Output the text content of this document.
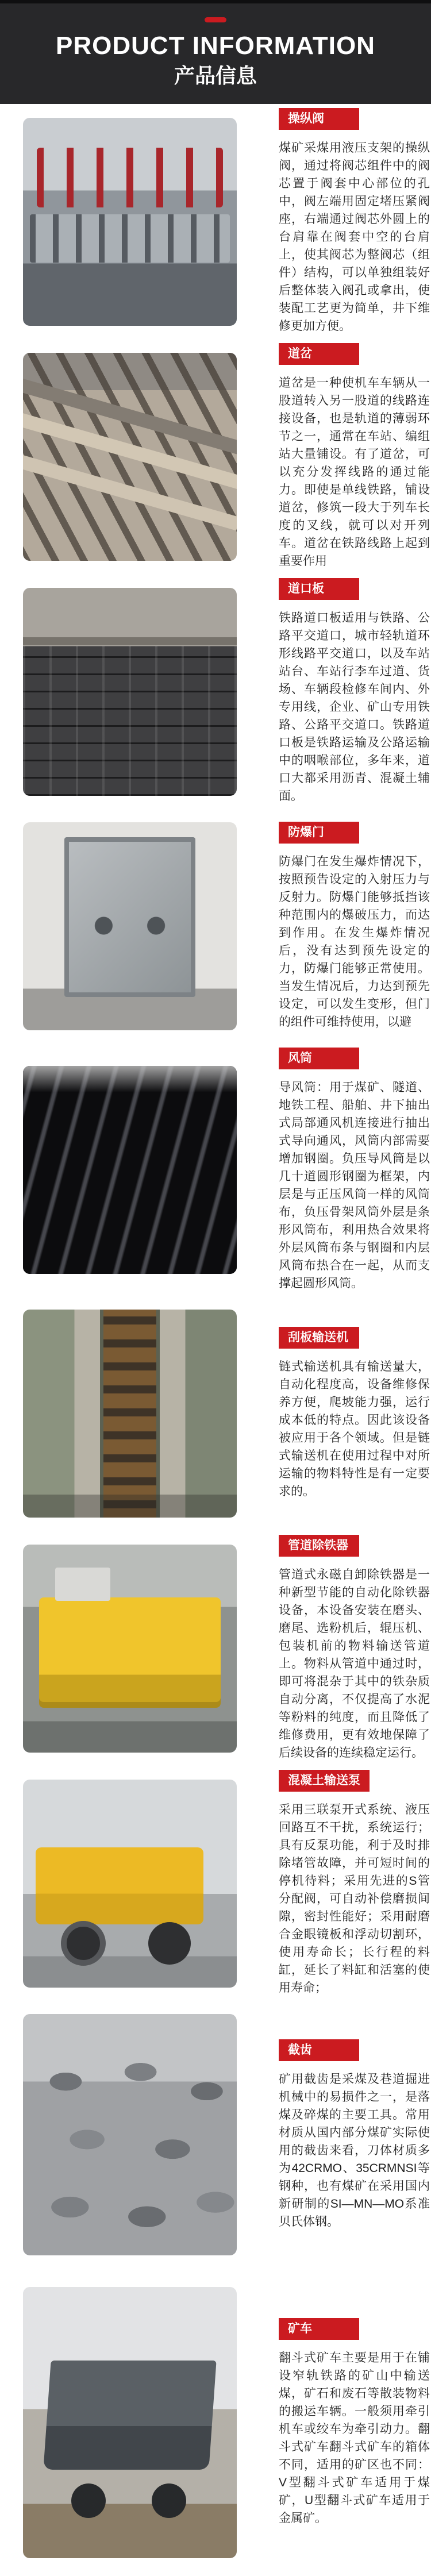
PRODUCT INFORMATION
产品信息
操纵阀

煤矿采煤用液压支架的操纵阀，通过将阀芯组件中的阀芯置于阀套中心部位的孔中，阀左端用固定堵压紧阀座，右端通过阀芯外圆上的台肩靠在阀套中空的台肩上，使其阀芯为整阀芯（组件）结构，可以单独组装好后整体装入阀孔或拿出，使装配工艺更为简单，井下维修更加方便。

道岔

道岔是一种使机车车辆从一股道转入另一股道的线路连接设备，也是轨道的薄弱环节之一，通常在车站、编组站大量铺设。有了道岔，可以充分发挥线路的通过能力。即使是单线铁路，铺设道岔，修筑一段大于列车长度的叉线，就可以对开列车。道岔在铁路线路上起到重要作用

道口板

铁路道口板适用与铁路、公路平交道口，城市轻轨道环形线路平交道口，以及车站站台、车站行李车过道、货场、车辆段检修车间内、外专用线，企业、矿山专用铁路、公路平交道口。铁路道口板是铁路运输及公路运输中的咽喉部位，多年来，道口大都采用沥青、混凝土辅面。

防爆门

防爆门在发生爆炸情况下，按照预告设定的入射压力与反射力。防爆门能够抵挡该种范围内的爆破压力，而达到作用。在发生爆炸情况后，没有达到预先设定的力，防爆门能够正常使用。当发生情况后，力达到预先设定，可以发生变形，但门的组件可维持使用，以避

风筒

导风筒：用于煤矿、隧道、地铁工程、船舶、井下抽出式局部通风机连接进行抽出式导向通风，风筒内部需要增加钢圈。负压导风筒是以几十道圆形钢圈为框架，内层是与正压风筒一样的风筒布，负压骨架风筒外层是条形风筒布，利用热合效果将外层风筒布条与钢圈和内层风筒布热合在一起，从而支撑起圆形风筒。

刮板输送机

链式输送机具有输送量大，自动化程度高，设备维修保养方便，爬坡能力强，运行成本低的特点。因此该设备被应用于各个领域。但是链式输送机在使用过程中对所运输的物料特性是有一定要求的。

管道除铁器

管道式永磁自卸除铁器是一种新型节能的自动化除铁器设备，本设备安装在磨头、磨尾、选粉机后，辊压机、包装机前的物料输送管道上。物料从管道中通过时，即可将混杂于其中的铁杂质自动分离，不仅提高了水泥等粉料的纯度，而且降低了维修费用，更有效地保障了后续设备的连续稳定运行。

混凝土输送泵

采用三联泵开式系统、液压回路互不干扰，系统运行；具有反泵功能，利于及时排除堵管故障，并可短时间的停机待料；采用先进的S管分配阀，可自动补偿磨损间隙，密封性能好；采用耐磨合金眼镜板和浮动切割环，使用寿命长；长行程的料缸，延长了料缸和活塞的使用寿命；

截齿

矿用截齿是采煤及巷道掘进机械中的易损件之一，是落煤及碎煤的主要工具。常用材质从国内部分煤矿实际使用的截齿来看，刀体材质多为42CRMO、35CRMNSI等钢种，也有煤矿在采用国内新研制的SI—MN—MO系准贝氏体钢。

矿车

翻斗式矿车主要是用于在铺设窄轨铁路的矿山中输送煤，矿石和废石等散装物料的搬运车辆。一般须用牵引机车或绞车为牵引动力。翻斗式矿车翻斗式矿车的箱体不同，适用的矿区也不同：V型翻斗式矿车适用于煤矿，U型翻斗式矿车适用于金属矿。
